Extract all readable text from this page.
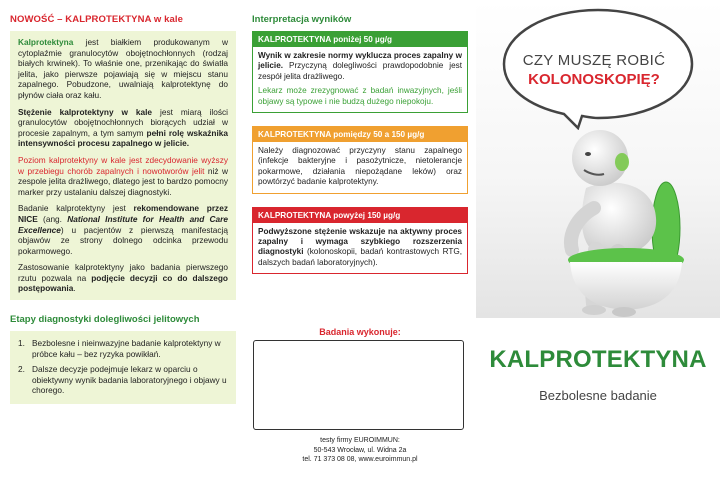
NOWOŚĆ – KALPROTEKTYNA w kale

Kalprotektyna jest białkiem produkowanym w cytoplaźmie granulocytów obojętnochłonnych (rodzaj białych krwinek). To właśnie one, przenikając do światła jelita, jako pierwsze pojawiają się w miejscu stanu zapalnego. Pobudzone, uwalniają kalprotektynę do płynów ciała oraz kału.

Stężenie kalprotektyny w kale jest miarą ilości granulocytów obojętnochłonnych biorących udział w procesie zapalnym, a tym samym pełni rolę wskaźnika intensywności procesu zapalnego w jelicie.

Poziom kalprotektyny w kale jest zdecydowanie wyższy w przebiegu chorób zapalnych i nowotworów jelit niż w zespole jelita drażliwego, dlatego jest to bardzo pomocny marker przy ustalaniu dalszej diagnostyki.

Badanie kalprotektyny jest rekomendowane przez NICE (ang. National Institute for Health and Care Excellence) u pacjentów z pierwszą manifestacją objawów ze strony dolnego odcinka przewodu pokarmowego.

Zastosowanie kalprotektyny jako badania pierwszego rzutu pozwala na podjęcie decyzji co do dalszego postępowania.

Etapy diagnostyki dolegliwości jelitowych
1. Bezbolesne i nieinwazyjne badanie kalprotektyny w próbce kału – bez ryzyka powikłań.
2. Dalsze decyzje podejmuje lekarz w oparciu o obiektywny wynik badania laboratoryjnego i objawy u chorego.
Interpretacja wyników
KALPROTEKTYNA poniżej 50 µg/g
Wynik w zakresie normy wyklucza proces zapalny w jelicie. Przyczyną dolegliwości prawdopodobnie jest zespół jelita drażliwego.
Lekarz może zrezygnować z badań inwazyjnych, jeśli objawy są typowe i nie budzą dużego niepokoju.
KALPROTEKTYNA pomiędzy 50 a 150 µg/g
Należy diagnozować przyczyny stanu zapalnego (infekcje bakteryjne i pasożytnicze, nietolerancje pokarmowe, działania niepożądane leków) oraz powtórzyć badanie kalprotektyny.
KALPROTEKTYNA powyżej 150 µg/g
Podwyższone stężenie wskazuje na aktywny proces zapalny i wymaga szybkiego rozszerzenia diagnostyki (kolonoskopii, badań kontrastowych RTG, dalszych badań laboratoryjnych).
Badania wykonuje:
testy firmy EUROIMMUN:
50-543 Wrocław, ul. Widna 2a
tel. 71 373 08 08, www.euroimmun.pl
CZY MUSZĘ ROBIĆ
KOLONOSKOPIĘ?
KALPROTEKTYNA
Bezbolesne badanie
